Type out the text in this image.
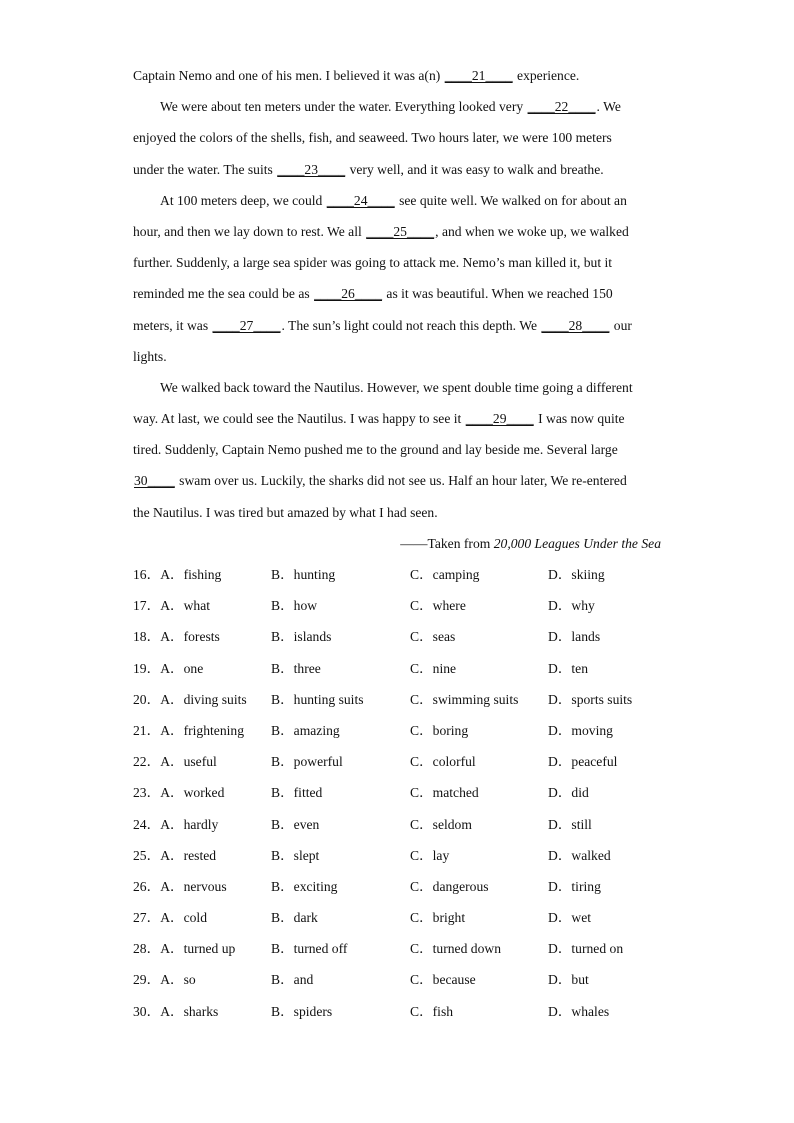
Captain Nemo and one of his men. I believed it was a(n) ____21____ experience.
We were about ten meters under the water. Everything looked very ____22____. We
enjoyed the colors of the shells, fish, and seaweed. Two hours later, we were 100 meters
under the water. The suits ____23____ very well, and it was easy to walk and breathe.
At 100 meters deep, we could ____24____ see quite well. We walked on for about an
hour, and then we lay down to rest. We all ____25____, and when we woke up, we walked
further. Suddenly, a large sea spider was going to attack me. Nemo’s man killed it, but it
reminded me the sea could be as ____26____ as it was beautiful. When we reached 150
meters, it was ____27____. The sun’s light could not reach this depth. We ____28____ our
lights.
We walked back toward the Nautilus. However, we spent double time going a different
way. At last, we could see the Nautilus. I was happy to see it ____29____ I was now quite
tired. Suddenly, Captain Nemo pushed me to the ground and lay beside me. Several large
30____ swam over us. Luckily, the sharks did not see us. Half an hour later, We re-entered
the Nautilus. I was tired but amazed by what I had seen.
——Taken from 20,000 Leagues Under the Sea
16．A．fishing	B．hunting	C．camping	D．skiing
17．A．what	B．how	C．where	D．why
18．A．forests	B．islands	C．seas	D．lands
19．A．one	B．three	C．nine	D．ten
20．A．diving suits B．hunting suits	C．swimming suits D．sports suits
21．A．frightening B．amazing	C．boring	D．moving
22．A．useful	B．powerful	C．colorful	D．peaceful
23．A．worked	B．fitted	C．matched	D．did
24．A．hardly	B．even	C．seldom	D．still
25．A．rested	B．slept	C．lay	D．walked
26．A．nervous	B．exciting	C．dangerous	D．tiring
27．A．cold	B．dark	C．bright	D．wet
28．A．turned up	B．turned off	C．turned down	D．turned on
29．A．so	B．and	C．because	D．but
30．A．sharks	B．spiders	C．fish	D．whales
